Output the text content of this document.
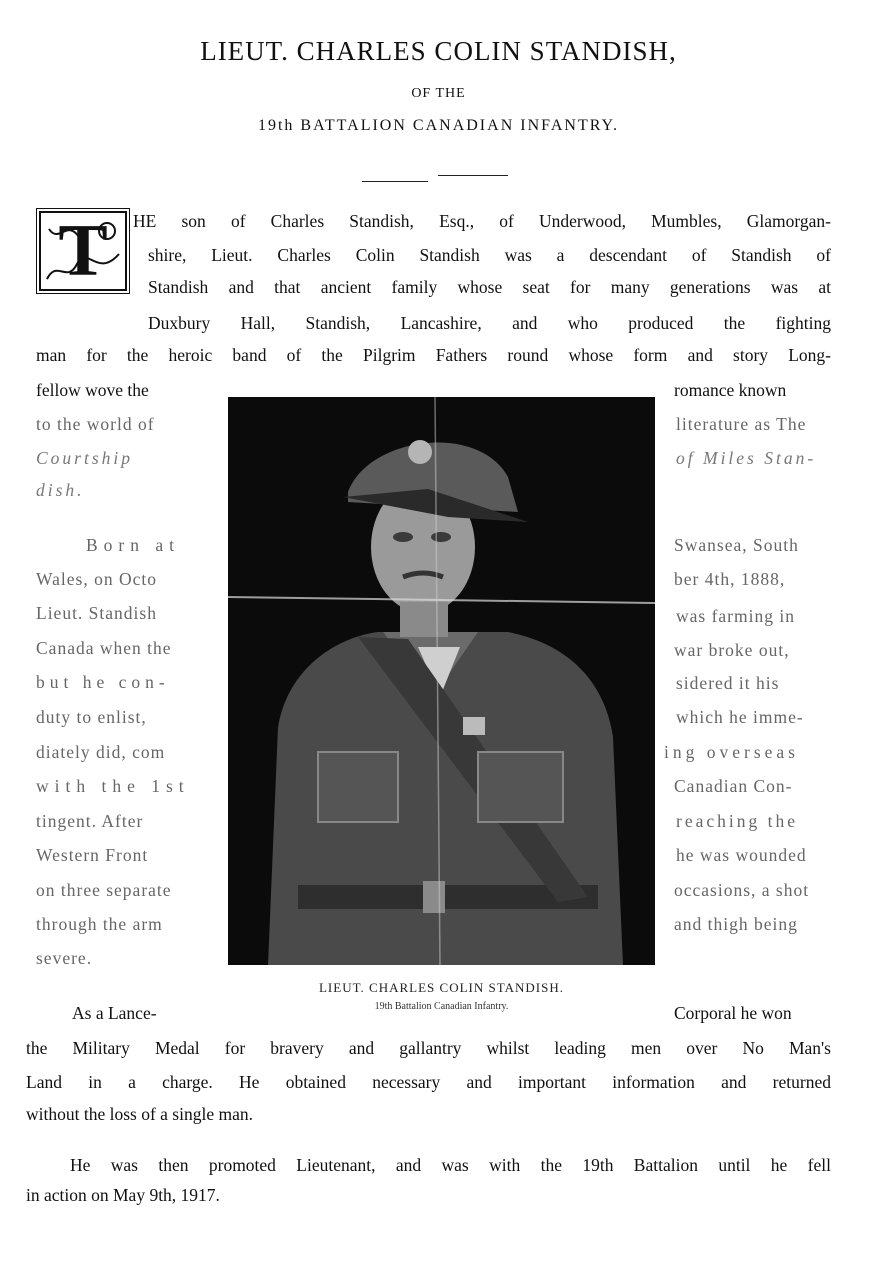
LIEUT. CHARLES COLIN STANDISH,
OF THE
19th BATTALION CANADIAN INFANTRY.
T	HE son of Charles Standish, Esq., of Underwood, Mumbles, Glamorgan-
shire, Lieut. Charles Colin Standish was a descendant of Standish of
Standish and that ancient family whose seat for many generations was at
Duxbury Hall, Standish, Lancashire, and who produced the fighting
man for the heroic band of the Pilgrim Fathers round whose form and story Long-
fellow wove the
to the world of
Courtship
dish.
Born at
Wales, on Octo
Lieut. Standish
Canada when the
but he con-
duty to enlist,
diately did, com
with the 1st
tingent. After
Western Front
on three separate
through the arm
severe.
As a Lance-
romance known
literature as The
of Miles Stan-
Swansea, South
ber 4th, 1888,
was farming in
war broke out,
sidered it his
which he imme-
ing overseas
Canadian Con-
reaching the
he was wounded
occasions, a shot
and thigh being
Corporal he won
LIEUT. CHARLES COLIN STANDISH.
19th Battalion Canadian Infantry.
the Military Medal for bravery and gallantry whilst leading men over No Man's
Land in a charge. He obtained necessary and important information and returned
without the loss of a single man.
He was then promoted Lieutenant, and was with the 19th Battalion until he fell
in action on May 9th, 1917.
